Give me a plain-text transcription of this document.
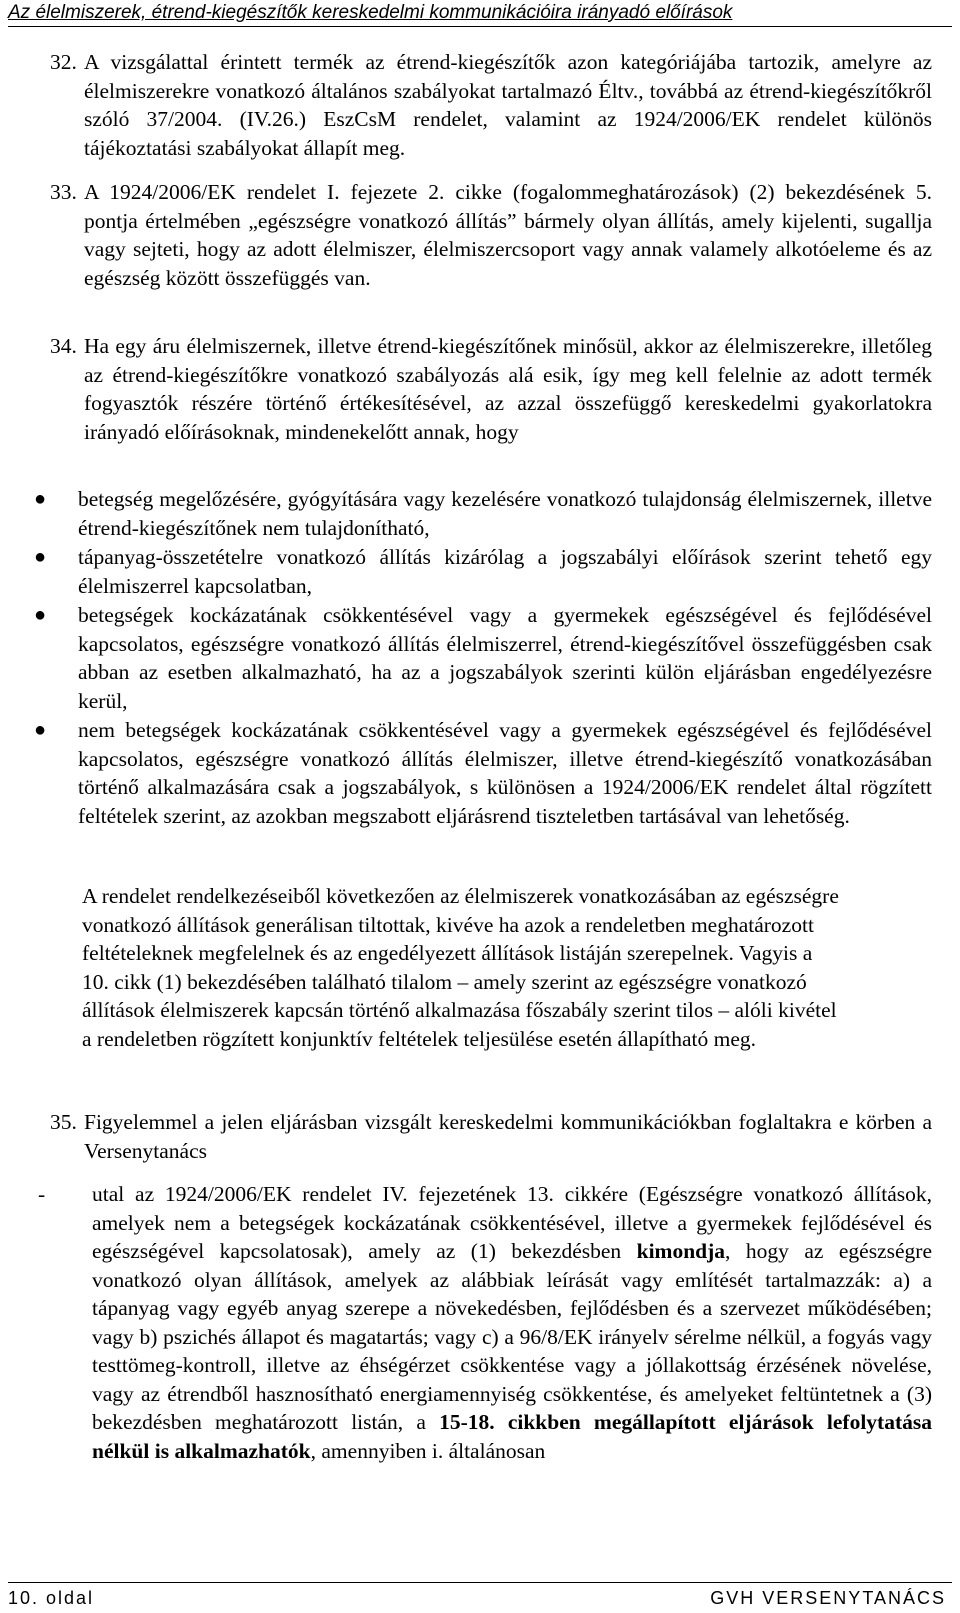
Az élelmiszerek, étrend-kiegészítők kereskedelmi kommunikációira irányadó előírások
32. A vizsgálattal érintett termék az étrend-kiegészítők azon kategóriájába tartozik, amelyre az élelmiszerekre vonatkozó általános szabályokat tartalmazó Éltv., továbbá az étrend-kiegészítőkről szóló 37/2004. (IV.26.) EszCsM rendelet, valamint az 1924/2006/EK rendelet különös tájékoztatási szabályokat állapít meg.

33. A 1924/2006/EK rendelet I. fejezete 2. cikke (fogalommeghatározások) (2) bekezdésének 5. pontja értelmében „egészségre vonatkozó állítás” bármely olyan állítás, amely kijelenti, sugallja vagy sejteti, hogy az adott élelmiszer, élelmiszercsoport vagy annak valamely alkotóeleme és az egészség között összefüggés van.

34. Ha egy áru élelmiszernek, illetve étrend-kiegészítőnek minősül, akkor az élelmiszerekre, illetőleg az étrend-kiegészítőkre vonatkozó szabályozás alá esik, így meg kell felelnie az adott termék fogyasztók részére történő értékesítésével, az azzal összefüggő kereskedelmi gyakorlatokra irányadó előírásoknak, mindenekelőtt annak, hogy

● betegség megelőzésére, gyógyítására vagy kezelésére vonatkozó tulajdonság élelmiszernek, illetve étrend-kiegészítőnek nem tulajdonítható,

● tápanyag-összetételre vonatkozó állítás kizárólag a jogszabályi előírások szerint tehető egy élelmiszerrel kapcsolatban,

● betegségek kockázatának csökkentésével vagy a gyermekek egészségével és fejlődésével kapcsolatos, egészségre vonatkozó állítás élelmiszerrel, étrend-kiegészítővel összefüggésben csak abban az esetben alkalmazható, ha az a jogszabályok szerinti külön eljárásban engedélyezésre kerül,

● nem betegségek kockázatának csökkentésével vagy a gyermekek egészségével és fejlődésével kapcsolatos, egészségre vonatkozó állítás élelmiszer, illetve étrend-kiegészítő vonatkozásában történő alkalmazására csak a jogszabályok, s különösen a 1924/2006/EK rendelet által rögzített feltételek szerint, az azokban megszabott eljárásrend tiszteletben tartásával van lehetőség.

A rendelet rendelkezéseiből következően az élelmiszerek vonatkozásában az egészségre vonatkozó állítások generálisan tiltottak, kivéve ha azok a rendeletben meghatározott feltételeknek megfelelnek és az engedélyezett állítások listáján szerepelnek. Vagyis a 10. cikk (1) bekezdésében található tilalom – amely szerint az egészségre vonatkozó állítások élelmiszerek kapcsán történő alkalmazása főszabály szerint tilos – alóli kivétel a rendeletben rögzített konjunktív feltételek teljesülése esetén állapítható meg.

35. Figyelemmel a jelen eljárásban vizsgált kereskedelmi kommunikációkban foglaltakra e körben a Versenytanács

- utal az 1924/2006/EK rendelet IV. fejezetének 13. cikkére (Egészségre vonatkozó állítások, amelyek nem a betegségek kockázatának csökkentésével, illetve a gyermekek fejlődésével és egészségével kapcsolatosak), amely az (1) bekezdésben kimondja, hogy az egészségre vonatkozó olyan állítások, amelyek az alábbiak leírását vagy említését tartalmazzák: a) a tápanyag vagy egyéb anyag szerepe a növekedésben, fejlődésben és a szervezet működésében; vagy b) pszichés állapot és magatartás; vagy c) a 96/8/EK irányelv sérelme nélkül, a fogyás vagy testtömeg-kontroll, illetve az éhségérzet csökkentése vagy a jóllakottság érzésének növelése, vagy az étrendből hasznosítható energiamennyiség csökkentése, és amelyeket feltüntetnek a (3) bekezdésben meghatározott listán, a 15-18. cikkben megállapított eljárások lefolytatása nélkül is alkalmazhatók, amennyiben i. általánosan

10. oldal	GVH VERSENYTANÁCS
